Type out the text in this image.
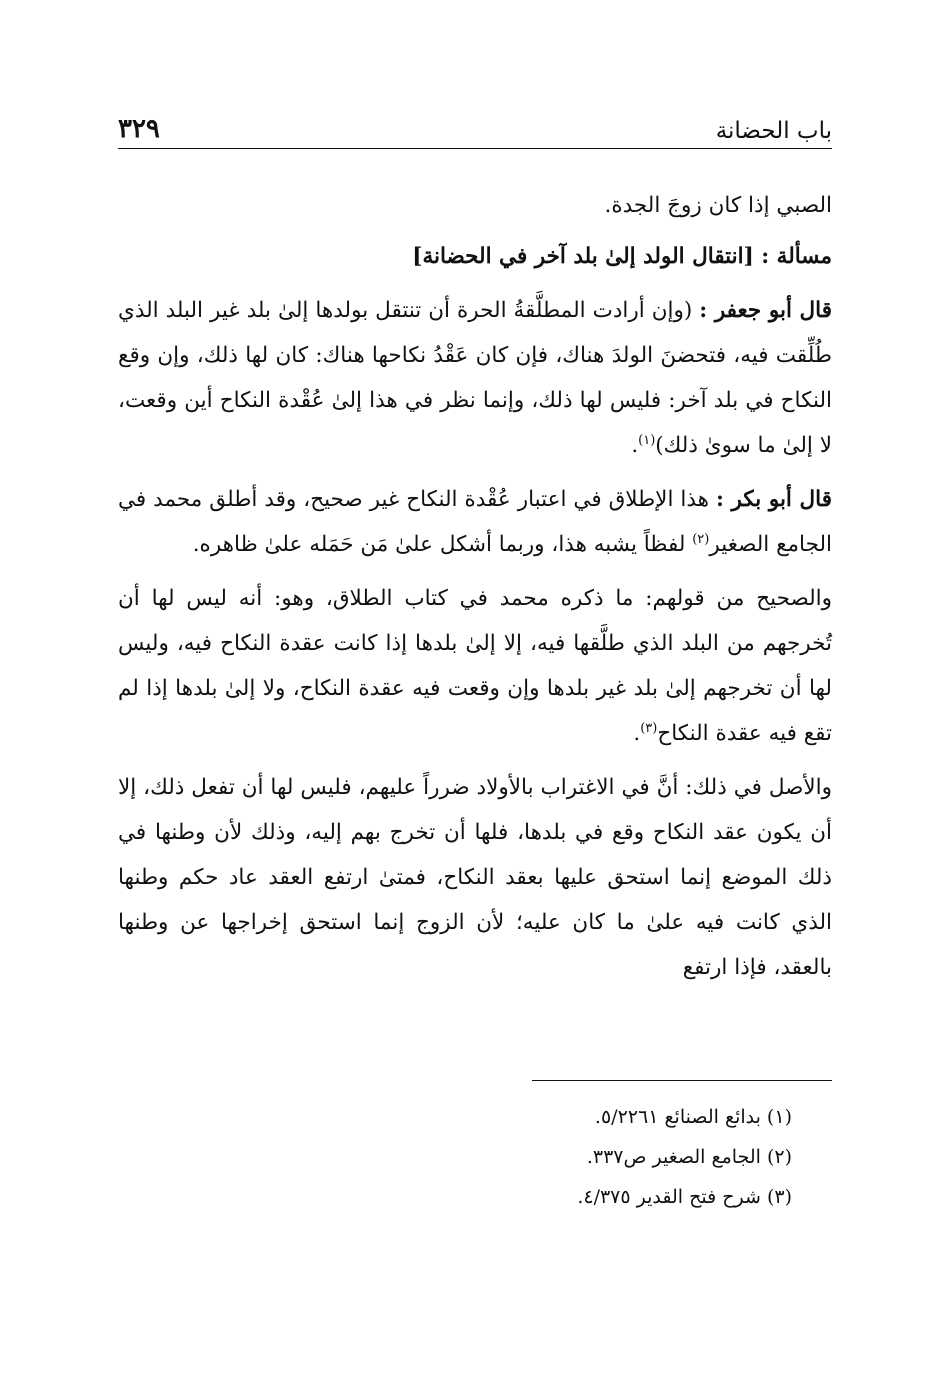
باب الحضانة
٣٢٩

الصبي إذا كان زوجَ الجدة.

مسألة : [انتقال الولد إلىٰ بلد آخر في الحضانة]

قال أبو جعفر : (وإن أرادت المطلَّقةُ الحرة أن تنتقل بولدها إلىٰ بلد غير البلد الذي طُلِّقت فيه، فتحضنَ الولدَ هناك، فإن كان عَقْدُ نكاحها هناك: كان لها ذلك، وإن وقع النكاح في بلد آخر: فليس لها ذلك، وإنما نظر في هذا إلىٰ عُقْدة النكاح أين وقعت، لا إلىٰ ما سوىٰ ذلك)$^{(١)}$.

قال أبو بكر : هذا الإطلاق في اعتبار عُقْدة النكاح غير صحيح، وقد أطلق محمد في الجامع الصغير$^{(٢)}$ لفظاً يشبه هذا، وربما أشكل علىٰ مَن حَمَله علىٰ ظاهره.

والصحيح من قولهم: ما ذكره محمد في كتاب الطلاق، وهو: أنه ليس لها أن تُخرجهم من البلد الذي طلَّقها فيه، إلا إلىٰ بلدها إذا كانت عقدة النكاح فيه، وليس لها أن تخرجهم إلىٰ بلد غير بلدها وإن وقعت فيه عقدة النكاح، ولا إلىٰ بلدها إذا لم تقع فيه عقدة النكاح$^{(٣)}$.

والأصل في ذلك: أنَّ في الاغتراب بالأولاد ضرراً عليهم، فليس لها أن تفعل ذلك، إلا أن يكون عقد النكاح وقع في بلدها، فلها أن تخرج بهم إليه، وذلك لأن وطنها في ذلك الموضع إنما استحق عليها بعقد النكاح، فمتىٰ ارتفع العقد عاد حكم وطنها الذي كانت فيه علىٰ ما كان عليه؛ لأن الزوج إنما استحق إخراجها عن وطنها بالعقد، فإذا ارتفع

(١) بدائع الصنائع ٥/٢٢٦١.
(٢) الجامع الصغير ص٣٣٧.
(٣) شرح فتح القدير ٤/٣٧٥.
